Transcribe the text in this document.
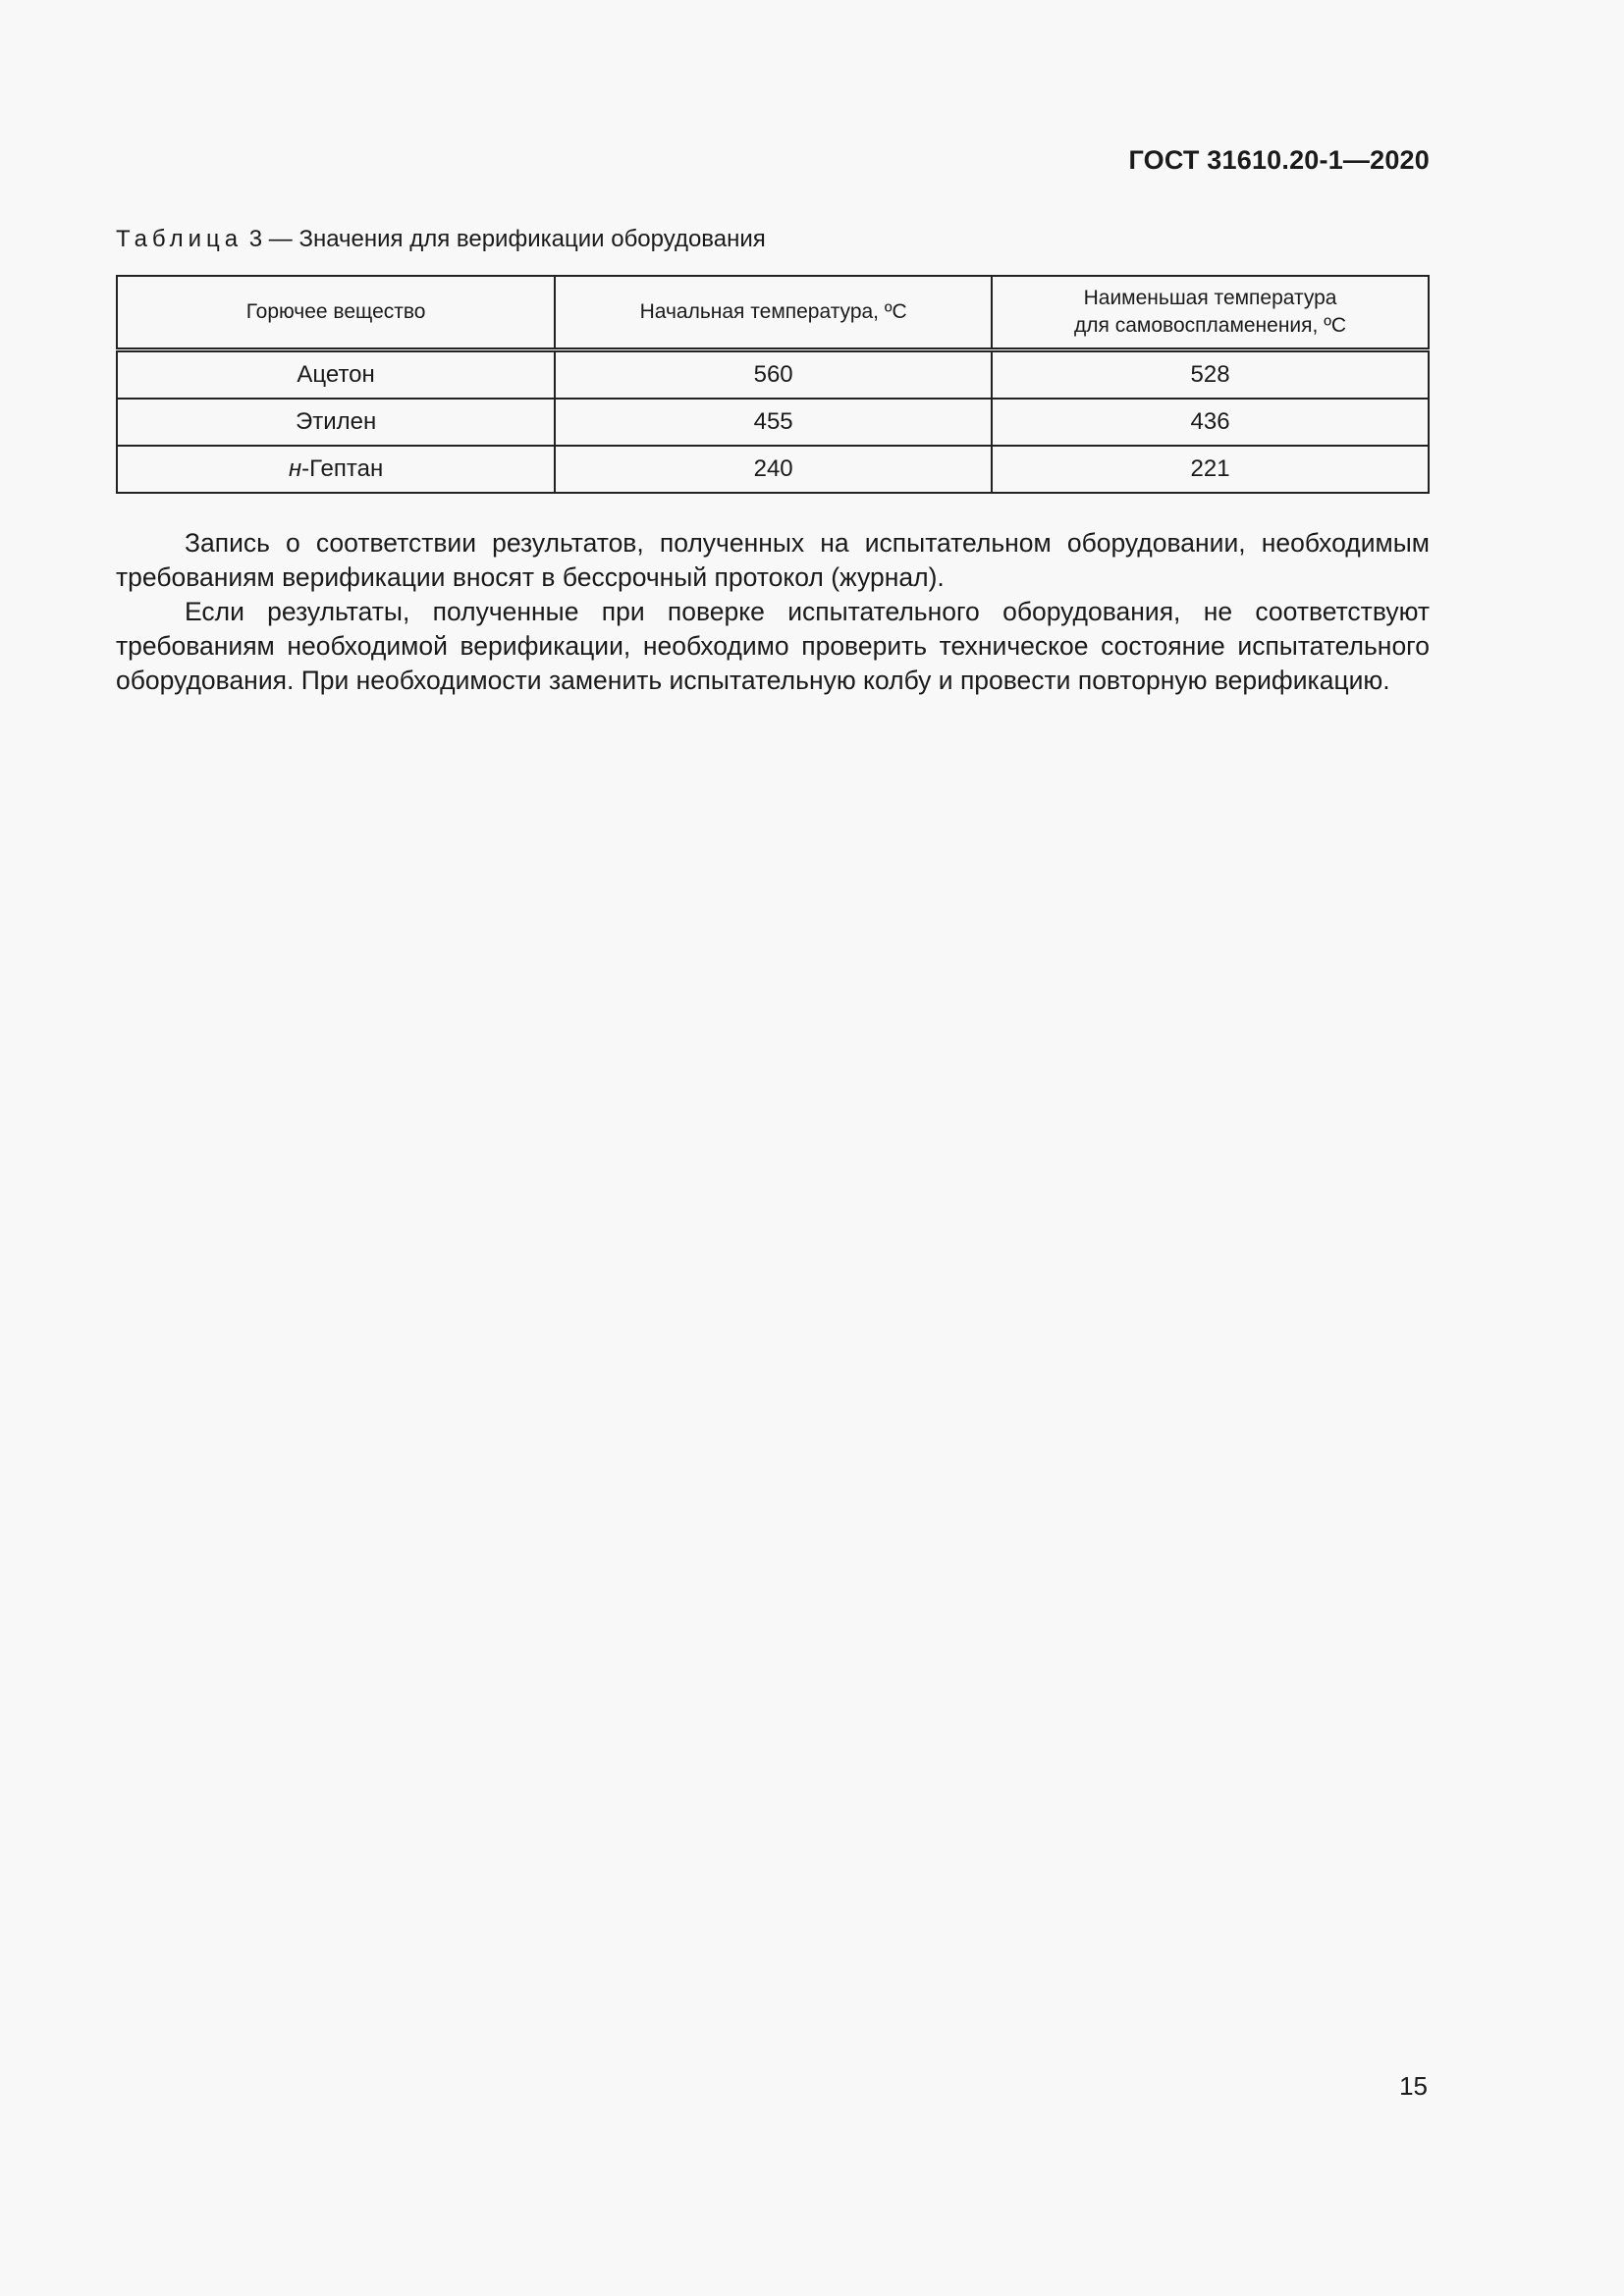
ГОСТ 31610.20-1—2020
Таблица 3 — Значения для верификации оборудования
Горючее вещество	Начальная температура, ºС	Наименьшая температура
для самовоспламенения, ºС
Ацетон	560	528
Этилен	455	436
н-Гептан	240	221

Запись о соответствии результатов, полученных на испытательном оборудовании, необходимым требованиям верификации вносят в бессрочный протокол (журнал).

Если результаты, полученные при поверке испытательного оборудования, не соответствуют требованиям необходимой верификации, необходимо проверить техническое состояние испытательного оборудования. При необходимости заменить испытательную колбу и провести повторную верификацию.

15
